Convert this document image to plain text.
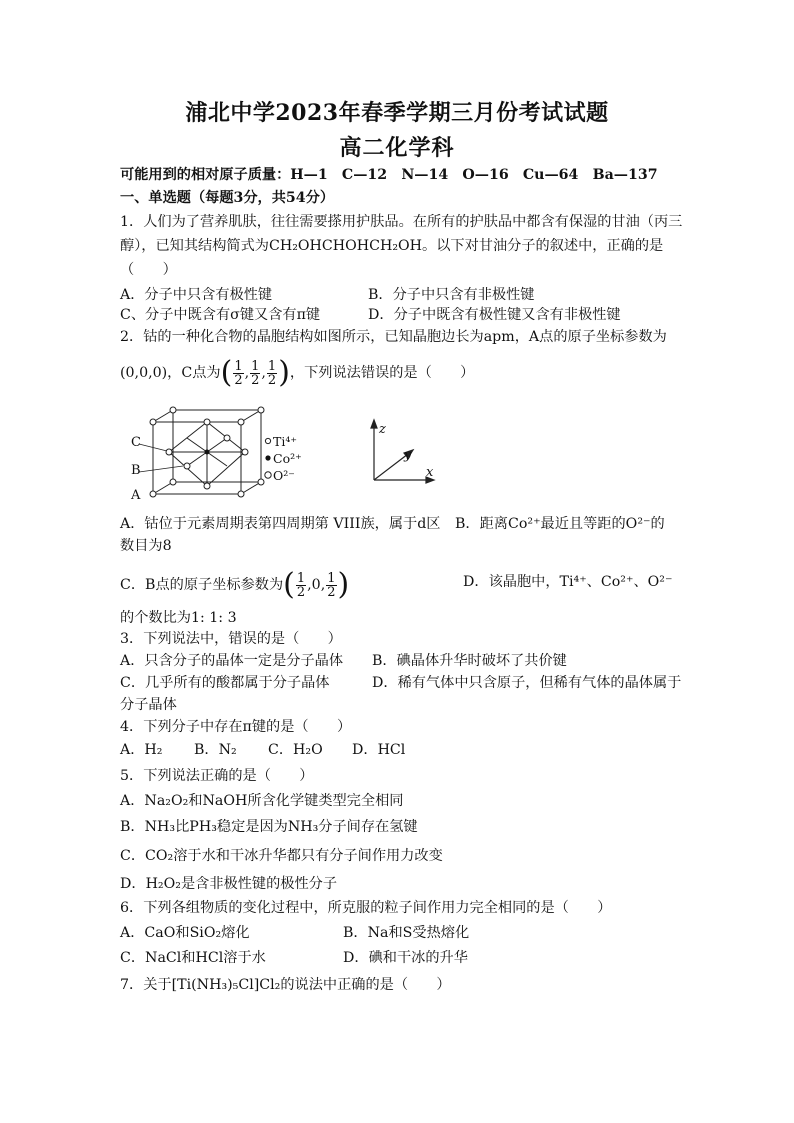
浦北中学2023年春季学期三月份考试试题
高二化学科
可能用到的相对原子质量：H—1　C—12　N—14　O—16　Cu—64　Ba—137
一、单选题（每题3分，共54分）
1．人们为了营养肌肤，往往需要搽用护肤品。在所有的护肤品中都含有保湿的甘油（丙三
醇），已知其结构简式为CH₂OHCHOHCH₂OH。以下对甘油分子的叙述中，正确的是
（　　）
A．分子中只含有极性键	B．分子中只含有非极性键
C、分子中既含有σ键又含有π键	D．分子中既含有极性键又含有非极性键
2．钴的一种化合物的晶胞结构如图所示，已知晶胞边长为apm，A点的原子坐标参数为
(0,0,0)，C点为( $\frac{1}{2}$ , $\frac{1}{2}$ , $\frac{1}{2}$ )，下列说法错误的是（　　）
C
B
A
Ti⁴⁺
Co²⁺
O²⁻
z
y
x
A．钴位于元素周期表第四周期第 VIII族，属于d区 B．距离Co²⁺最近且等距的O²⁻的
数目为8
C．B点的原子坐标参数为( $\frac{1}{2} ,0$, $\frac{1}{2}$ )	D．该晶胞中，Ti⁴⁺、Co²⁺、O²⁻
的个数比为1: 1: 3
3．下列说法中，错误的是（　　）
A．只含分子的晶体一定是分子晶体 B．碘晶体升华时破坏了共价键
C．几乎所有的酸都属于分子晶体	D．稀有气体中只含原子，但稀有气体的晶体属于
分子晶体
4．下列分子中存在π键的是（　　）
A．H₂ B．N₂ C．H₂O D．HCl
5．下列说法正确的是（　　）
A．Na₂O₂和NaOH所含化学键类型完全相同
B．NH₃比PH₃稳定是因为NH₃分子间存在氢键
C．CO₂溶于水和干冰升华都只有分子间作用力改变
D．H₂O₂是含非极性键的极性分子
6．下列各组物质的变化过程中，所克服的粒子间作用力完全相同的是（　　）
A．CaO和SiO₂熔化	B．Na和S受热熔化
C．NaCl和HCl溶于水	D．碘和干冰的升华
7．关于[Ti(NH₃)₅Cl]Cl₂的说法中正确的是（　　）
